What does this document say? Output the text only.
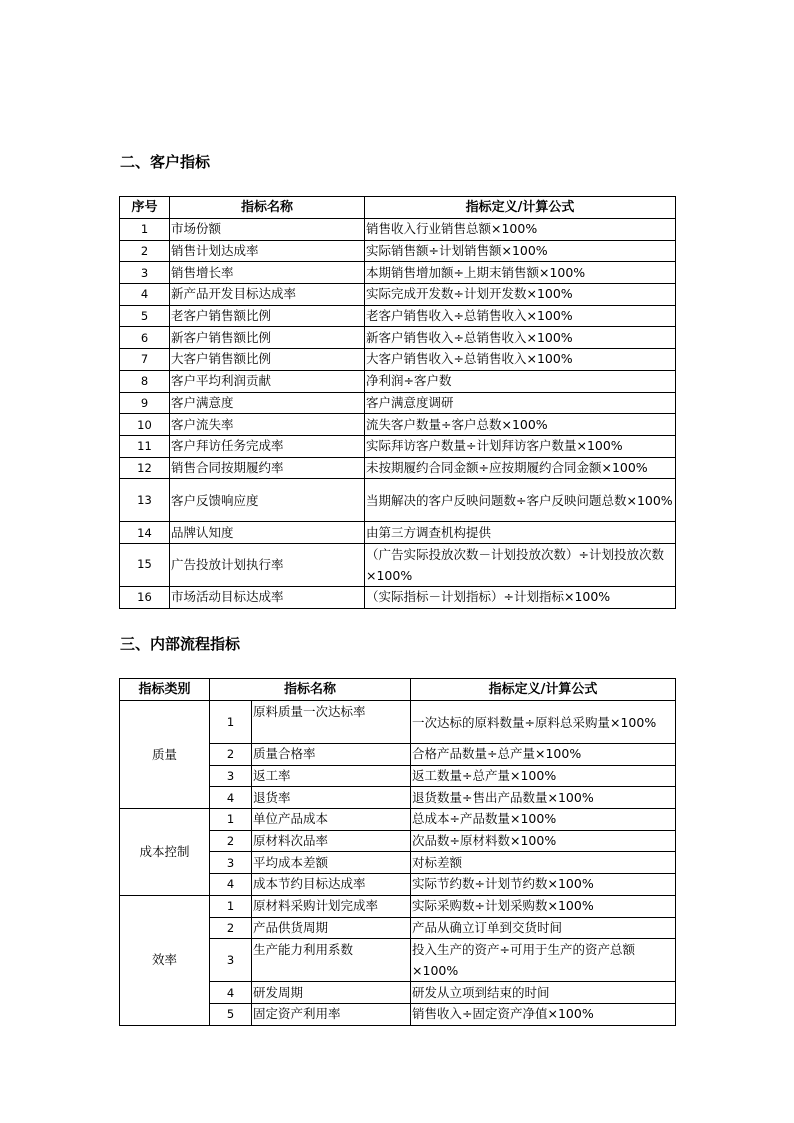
二、客户指标
序号	指标名称	指标定义/计算公式
1	市场份额	销售收入行业销售总额×100%
2	销售计划达成率	实际销售额÷计划销售额×100%
3	销售增长率	本期销售增加额÷上期末销售额×100%
4	新产品开发目标达成率	实际完成开发数÷计划开发数×100%
5	老客户销售额比例	老客户销售收入÷总销售收入×100%
6	新客户销售额比例	新客户销售收入÷总销售收入×100%
7	大客户销售额比例	大客户销售收入÷总销售收入×100%
8	客户平均利润贡献	净利润÷客户数
9	客户满意度	客户满意度调研
10	客户流失率	流失客户数量÷客户总数×100%
11	客户拜访任务完成率	实际拜访客户数量÷计划拜访客户数量×100%
12	销售合同按期履约率	未按期履约合同金额÷应按期履约合同金额×100%
13	客户反馈响应度	当期解决的客户反映问题数÷客户反映问题总数×100%
14	品牌认知度	由第三方调查机构提供
15	广告投放计划执行率	（广告实际投放次数－计划投放次数）÷计划投放次数×100%
16	市场活动目标达成率	（实际指标－计划指标）÷计划指标×100%
三、内部流程指标
指标类别	指标名称		指标定义/计算公式
质量	1	原料质量一次达标率	一次达标的原料数量÷原料总采购量×100%
	2	质量合格率	合格产品数量÷总产量×100%
	3	返工率	返工数量÷总产量×100%
	4	退货率	退货数量÷售出产品数量×100%
成本控制	1	单位产品成本	总成本÷产品数量×100%
	2	原材料次品率	次品数÷原材料数×100%
	3	平均成本差额	对标差额
	4	成本节约目标达成率	实际节约数÷计划节约数×100%
效率	1	原材料采购计划完成率	实际采购数÷计划采购数×100%
	2	产品供货周期	产品从确立订单到交货时间
	3	生产能力利用系数	投入生产的资产÷可用于生产的资产总额×100%
	4	研发周期	研发从立项到结束的时间
	5	固定资产利用率	销售收入÷固定资产净值×100%
